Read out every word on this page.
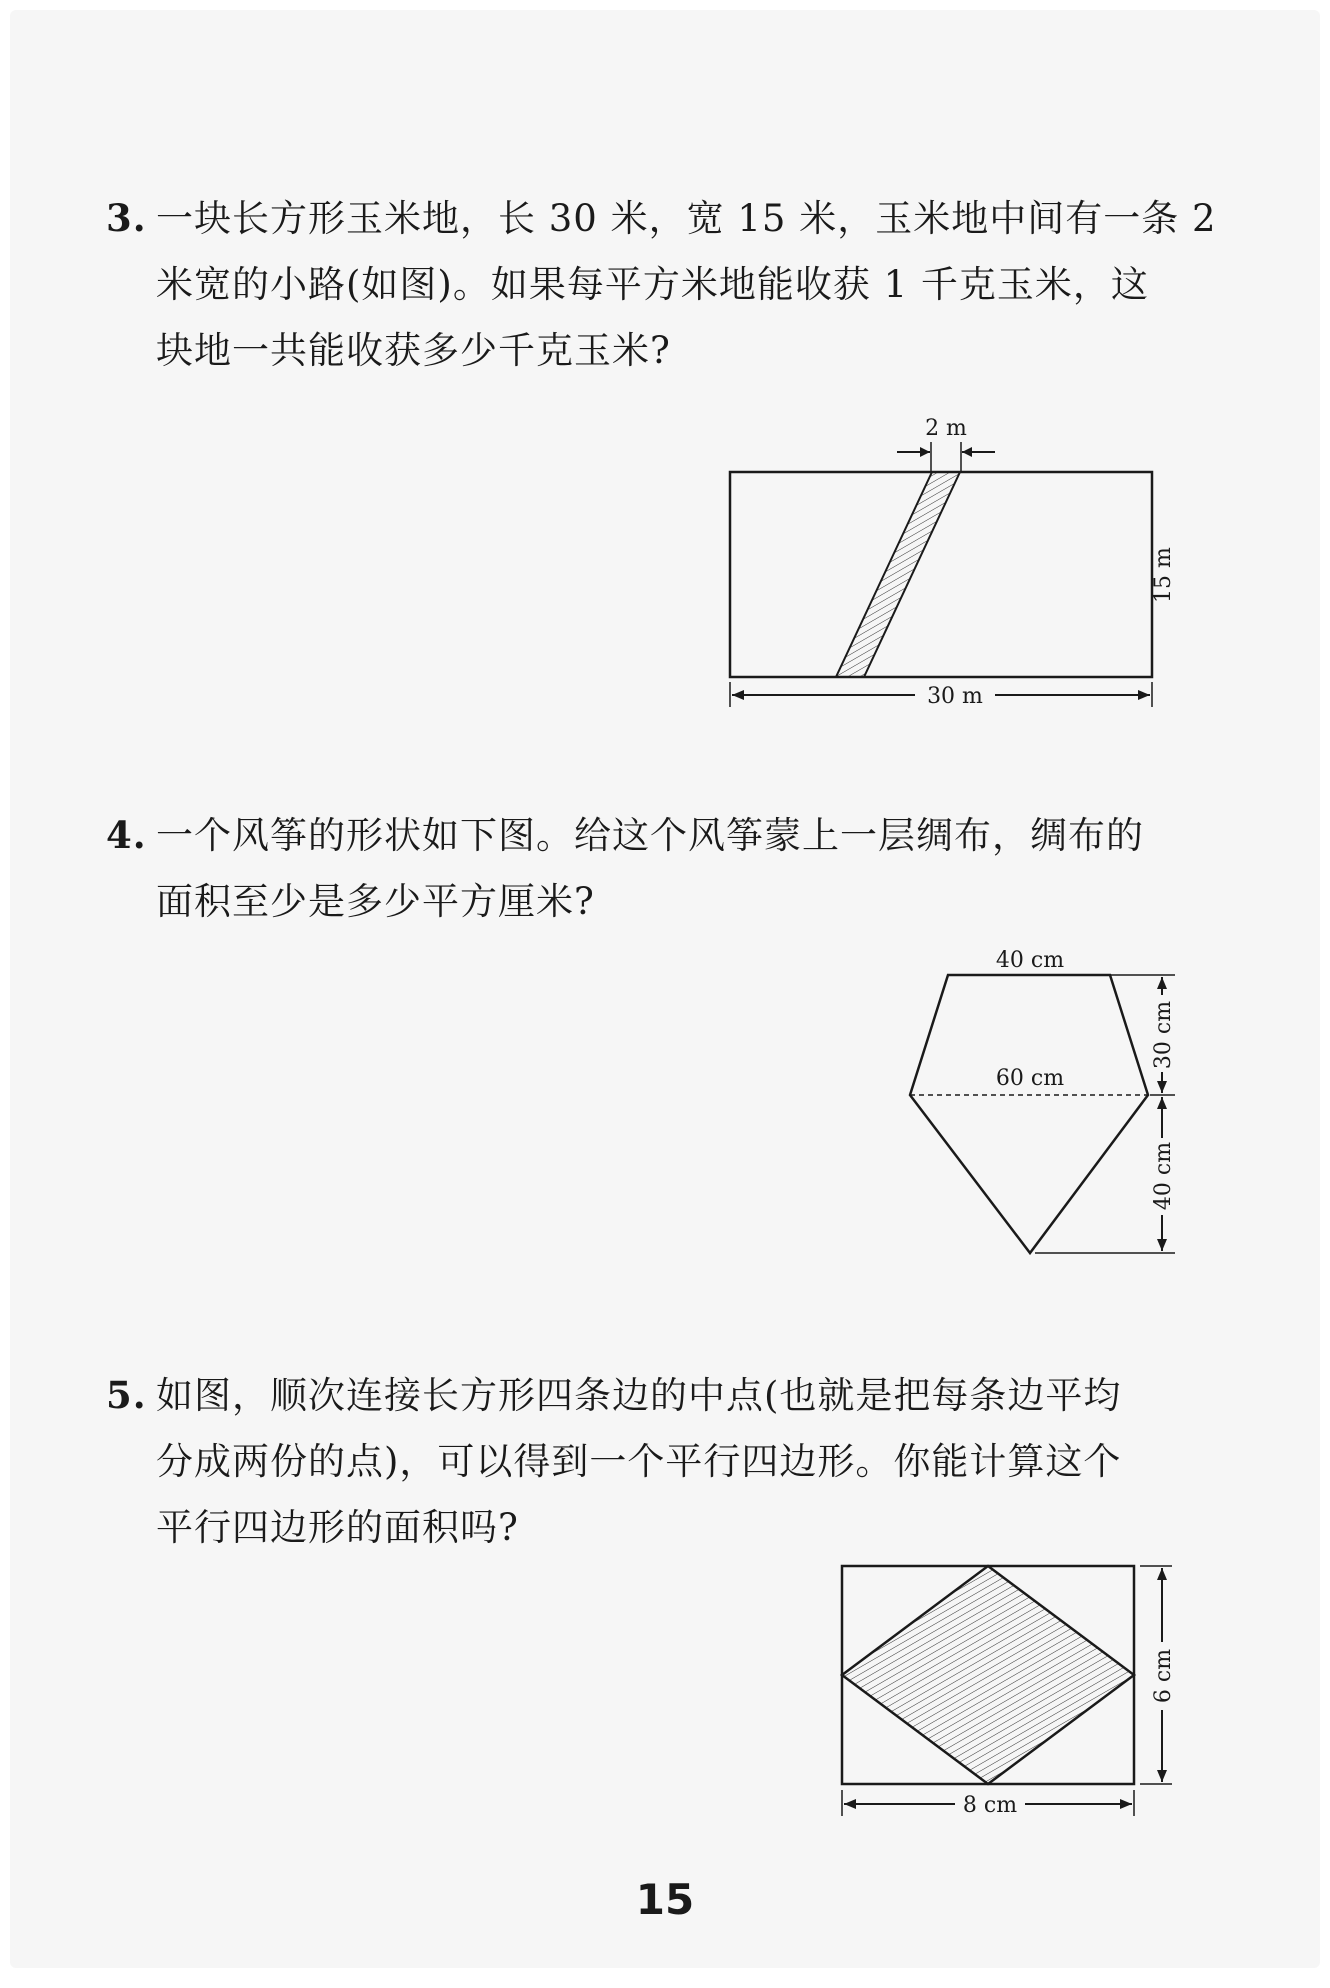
3. 一块长方形玉米地，长 30 米，宽 15 米，玉米地中间有一条 2
米宽的小路(如图)。如果每平方米地能收获 1 千克玉米，这
块地一共能收获多少千克玉米?
2 m
15 m
30 m
4. 一个风筝的形状如下图。给这个风筝蒙上一层绸布，绸布的
面积至少是多少平方厘米?
40 cm
60 cm
30 cm
40 cm
5. 如图，顺次连接长方形四条边的中点(也就是把每条边平均
分成两份的点)，可以得到一个平行四边形。你能计算这个
平行四边形的面积吗?
6 cm
8 cm
15
